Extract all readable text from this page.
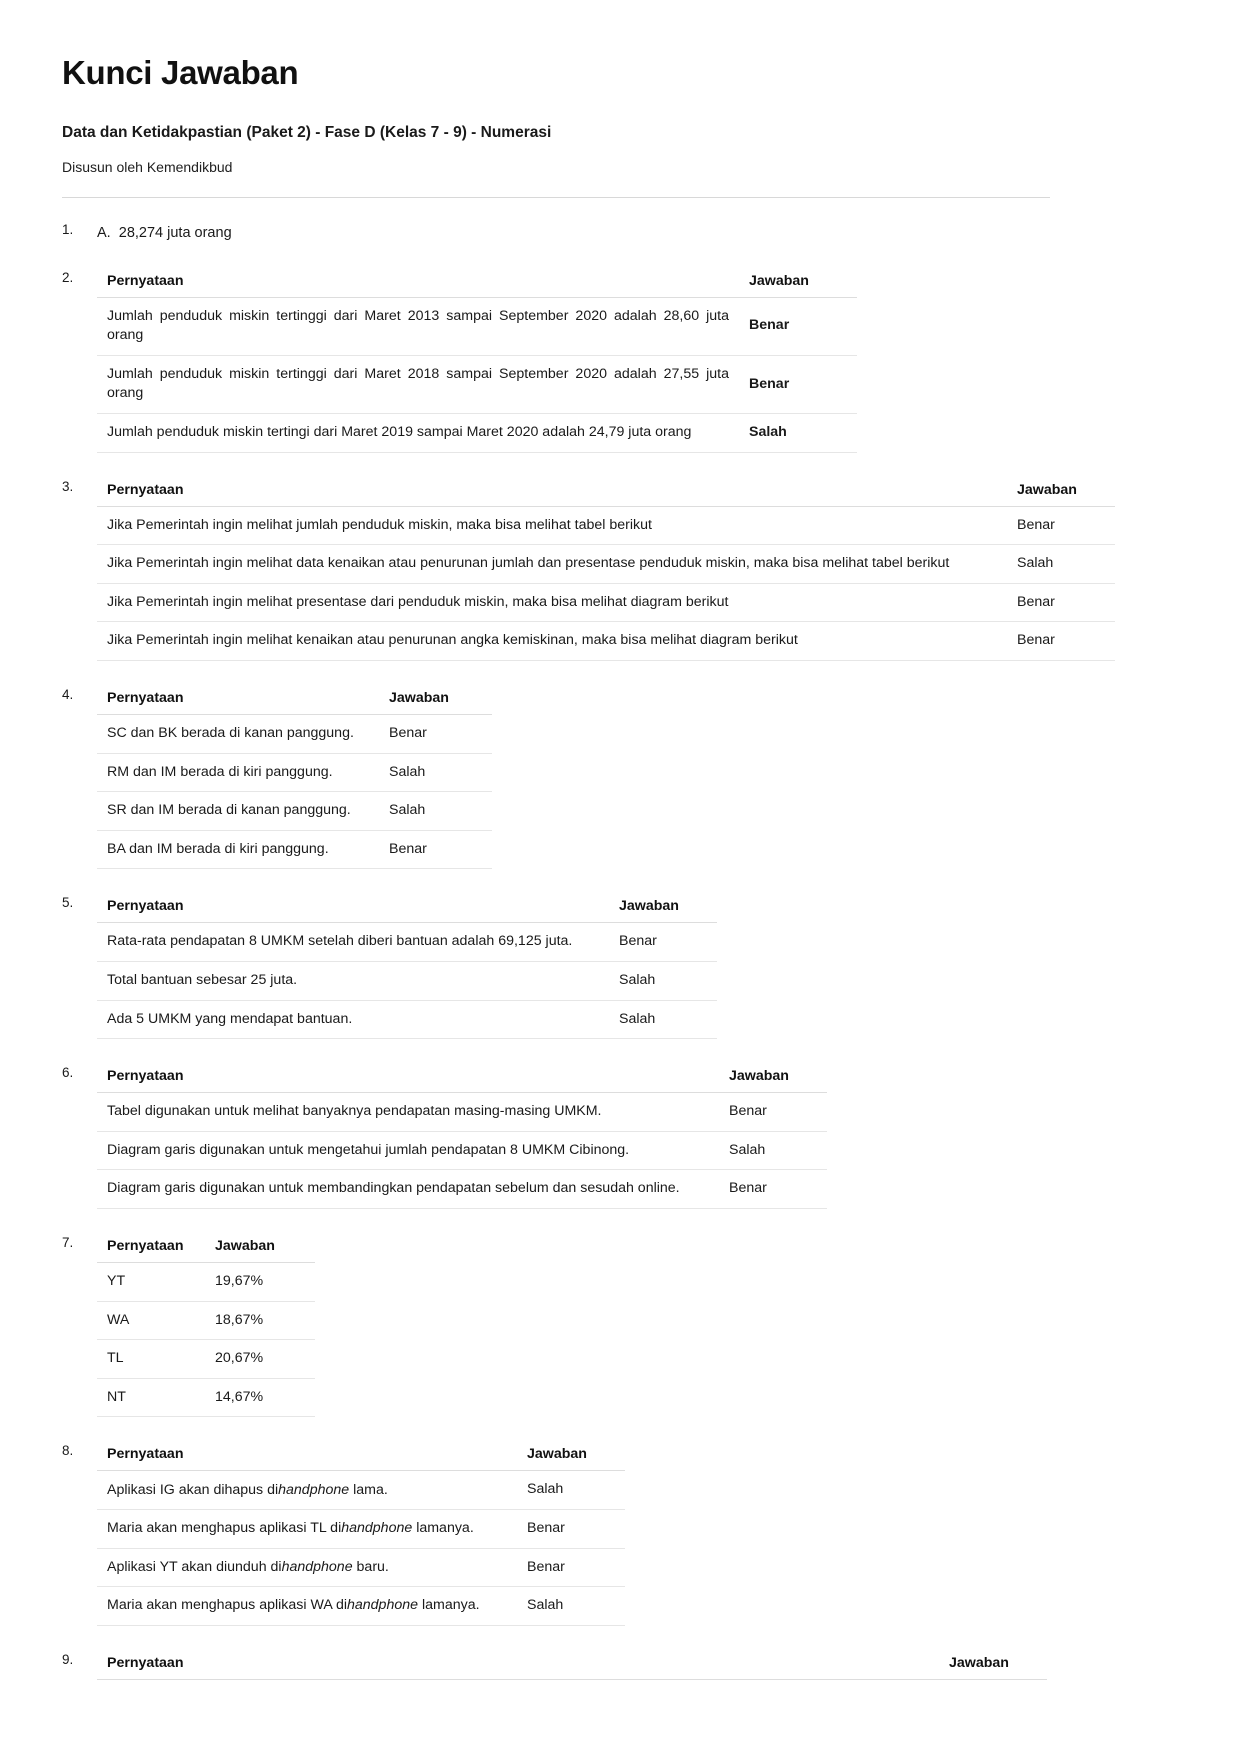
Kunci Jawaban
Data dan Ketidakpastian (Paket 2) - Fase D (Kelas 7 - 9) - Numerasi
Disusun oleh Kemendikbud
A.  28,274 juta orang
Pernyataan	Jawaban
Jumlah penduduk miskin tertinggi dari Maret 2013 sampai September 2020 adalah 28,60 juta orang	Benar
Jumlah penduduk miskin tertinggi dari Maret 2018 sampai September 2020 adalah 27,55 juta orang	Benar
Jumlah penduduk miskin tertingi dari Maret 2019 sampai Maret 2020 adalah 24,79 juta orang	Salah
Pernyataan	Jawaban
Jika Pemerintah ingin melihat jumlah penduduk miskin, maka bisa melihat tabel berikut	Benar
Jika Pemerintah ingin melihat data kenaikan atau penurunan jumlah dan presentase penduduk miskin, maka bisa melihat tabel berikut	Salah
Jika Pemerintah ingin melihat presentase dari penduduk miskin, maka bisa melihat diagram berikut	Benar
Jika Pemerintah ingin melihat kenaikan atau penurunan angka kemiskinan, maka bisa melihat diagram berikut	Benar
Pernyataan	Jawaban
SC dan BK berada di kanan panggung.	Benar
RM dan IM berada di kiri panggung.	Salah
SR dan IM berada di kanan panggung.	Salah
BA dan IM berada di kiri panggung.	Benar
Pernyataan	Jawaban
Rata-rata pendapatan 8 UMKM setelah diberi bantuan adalah 69,125 juta.	Benar
Total bantuan sebesar 25 juta.	Salah
Ada 5 UMKM yang mendapat bantuan.	Salah
Pernyataan	Jawaban
Tabel digunakan untuk melihat banyaknya pendapatan masing-masing UMKM.	Benar
Diagram garis digunakan untuk mengetahui jumlah pendapatan 8 UMKM Cibinong.	Salah
Diagram garis digunakan untuk membandingkan pendapatan sebelum dan sesudah online.	Benar
Pernyataan	Jawaban
YT	19,67%
WA	18,67%
TL	20,67%
NT	14,67%
Pernyataan	Jawaban
Aplikasi IG akan dihapus dihandphone lama.	Salah
Maria akan menghapus aplikasi TL dihandphone lamanya.	Benar
Aplikasi YT akan diunduh dihandphone baru.	Benar
Maria akan menghapus aplikasi WA dihandphone lamanya.	Salah
Pernyataan	Jawaban
